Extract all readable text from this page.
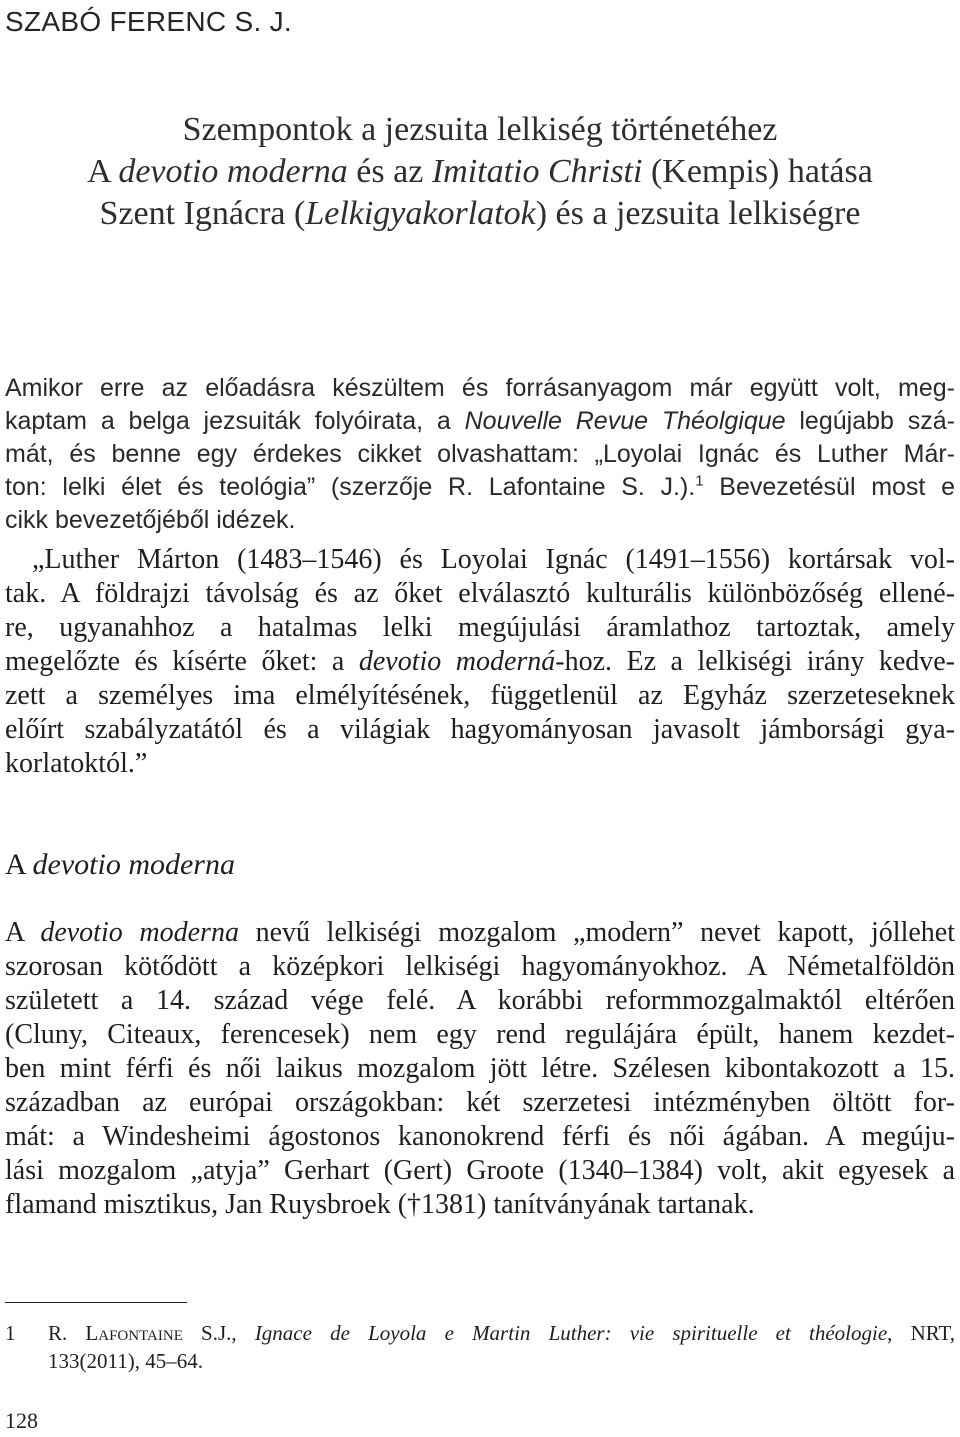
SZABÓ FERENC S. J.
Szempontok a jezsuita lelkiség történetéhez
A devotio moderna és az Imitatio Christi (Kempis) hatása
Szent Ignácra (Lelkigyakorlatok) és a jezsuita lelkiségre
Amikor erre az előadásra készültem és forrásanyagom már együtt volt, meg-
kaptam a belga jezsuiták folyóirata, a Nouvelle Revue Théolgique legújabb szá-
mát, és benne egy érdekes cikket olvashattam: „Loyolai Ignác és Luther Már-
ton: lelki élet és teológia” (szerzője R. Lafontaine S. J.).$^1$ Bevezetésül most e
cikk bevezetőjéből idézek.
„Luther Márton (1483–1546) és Loyolai Ignác (1491–1556) kortársak vol-
tak. A földrajzi távolság és az őket elválasztó kulturális különbözőség ellené-
re, ugyanahhoz a hatalmas lelki megújulási áramlathoz tartoztak, amely
megelőzte és kísérte őket: a devotio moderná-hoz. Ez a lelkiségi irány kedve-
zett a személyes ima elmélyítésének, függetlenül az Egyház szerzeteseknek
előírt szabályzatától és a világiak hagyományosan javasolt jámborsági gya-
korlatoktól.”
A devotio moderna
A devotio moderna nevű lelkiségi mozgalom „modern” nevet kapott, jóllehet
szorosan kötődött a középkori lelkiségi hagyományokhoz. A Németalföldön
született a 14. század vége felé. A korábbi reformmozgalmaktól eltérően
(Cluny, Citeaux, ferencesek) nem egy rend regulájára épült, hanem kezdet-
ben mint férfi és női laikus mozgalom jött létre. Szélesen kibontakozott a 15.
században az európai országokban: két szerzetesi intézményben öltött for-
mát: a Windesheimi ágostonos kanonokrend férfi és női ágában. A megúju-
lási mozgalom „atyja” Gerhart (Gert) Groote (1340–1384) volt, akit egyesek a
flamand misztikus, Jan Ruysbroek (†1381) tanítványának tartanak.
1 R. Lafontaine S.J., Ignace de Loyola e Martin Luther: vie spirituelle et théologie, NRT,
133(2011), 45–64.
128
